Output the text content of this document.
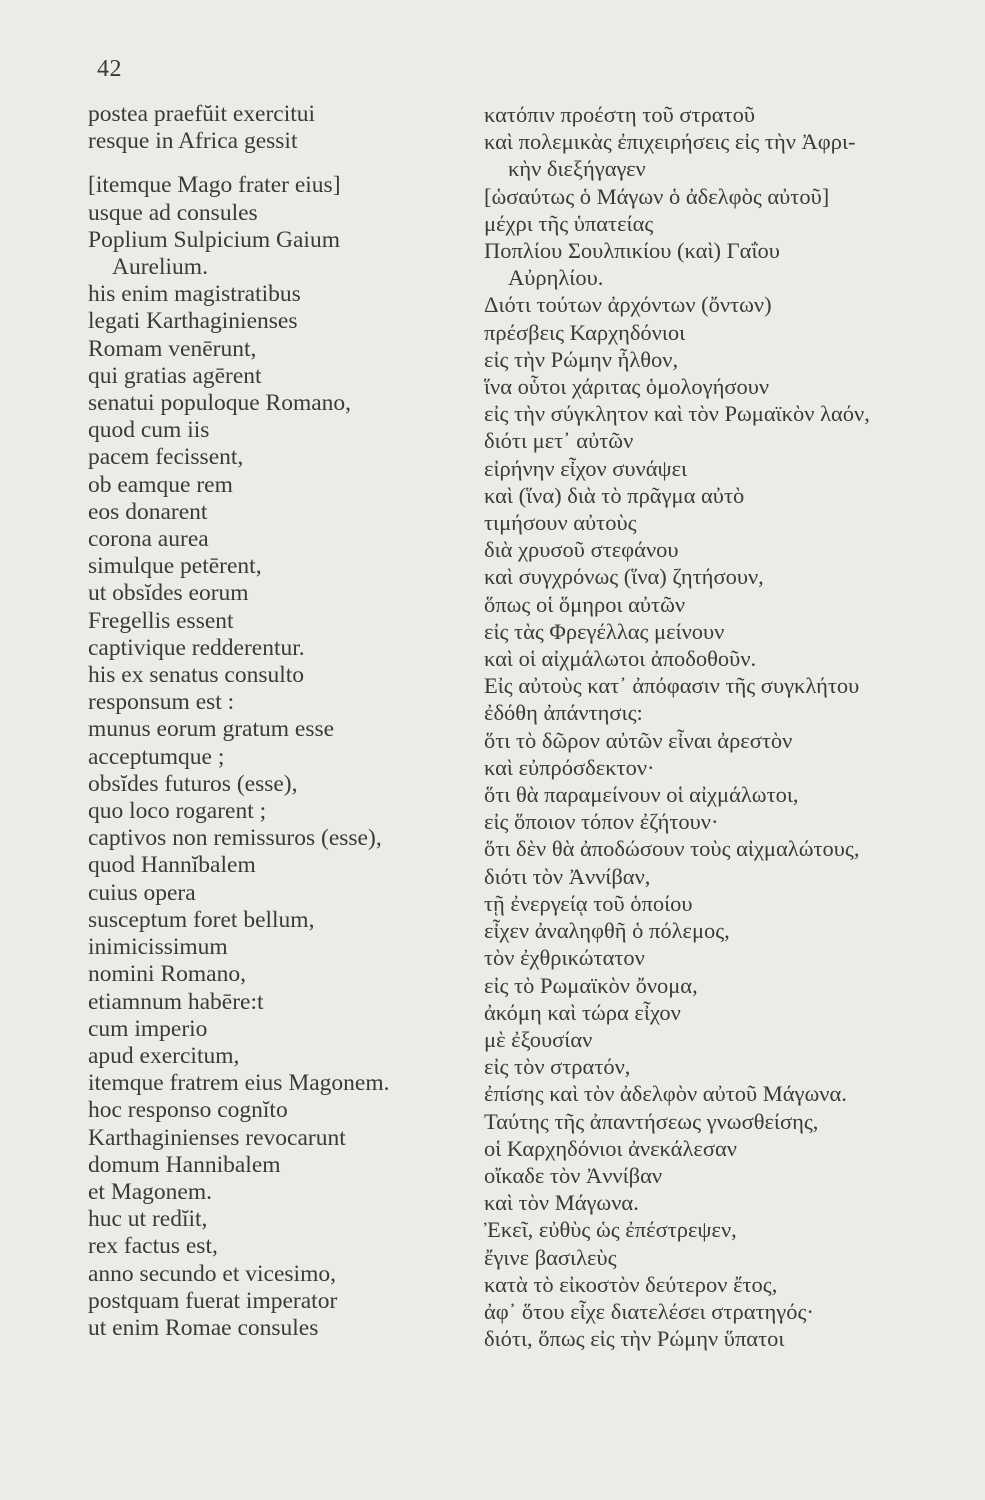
42
postea praefŭit exercitui
resque in Africa gessit
[itemque Mago frater eius]
usque ad consules
Poplium Sulpicium Gaium
Aurelium.
his enim magistratibus
legati Karthaginienses
Romam venērunt,
qui gratias agērent
senatui populoque Romano,
quod cum iis
pacem fecissent,
ob eamque rem
eos donarent
corona aurea
simulque petērent,
ut obsĭdes eorum
Fregellis essent
captivique redderentur.
his ex senatus consulto
responsum est :
munus eorum gratum esse
acceptumque ;
obsĭdes futuros (esse),
quo loco rogarent ;
captivos non remissuros (esse),
quod Hannĭbalem
cuius opera
susceptum foret bellum,
inimicissimum
nomini Romano,
etiamnum habēre:t
cum imperio
apud exercitum,
itemque fratrem eius Magonem.
hoc responso cognĭto
Karthaginienses revocarunt
domum Hannibalem
et Magonem.
huc ut redĭit,
rex factus est,
anno secundo et vicesimo,
postquam fuerat imperator
ut enim Romae consules
κατόπιν προέστη τοῦ στρατοῦ
καὶ πολεμικὰς ἐπιχειρήσεις εἰς τὴν Ἀφρι-
κὴν διεξήγαγεν
[ὡσαύτως ὁ Μάγων ὁ ἀδελφὸς αὐτοῦ]
μέχρι τῆς ὑπατείας
Ποπλίου Σουλπικίου (καὶ) Γαΐου
Αὐρηλίου.
Διότι τούτων ἀρχόντων (ὄντων)
πρέσβεις Καρχηδόνιοι
εἰς τὴν Ρώμην ἦλθον,
ἵνα οὗτοι χάριτας ὁμολογήσουν
εἰς τὴν σύγκλητον καὶ τὸν Ρωμαϊκὸν λαόν,
διότι μετ᾽ αὐτῶν
εἰρήνην εἶχον συνάψει
καὶ (ἵνα) διὰ τὸ πρᾶγμα αὐτὸ
τιμήσουν αὐτοὺς
διὰ χρυσοῦ στεφάνου
καὶ συγχρόνως (ἵνα) ζητήσουν,
ὅπως οἱ ὅμηροι αὐτῶν
εἰς τὰς Φρεγέλλας μείνουν
καὶ οἱ αἰχμάλωτοι ἀποδοθοῦν.
Εἰς αὐτοὺς κατ᾽ ἀπόφασιν τῆς συγκλήτου
ἐδόθη ἀπάντησις:
ὅτι τὸ δῶρον αὐτῶν εἶναι ἀρεστὸν
καὶ εὐπρόσδεκτον·
ὅτι θὰ παραμείνουν οἱ αἰχμάλωτοι,
εἰς ὅποιον τόπον ἐζήτουν·
ὅτι δὲν θὰ ἀποδώσουν τοὺς αἰχμαλώτους,
διότι τὸν Ἀννίβαν,
τῇ ἐνεργείᾳ τοῦ ὁποίου
εἶχεν ἀναληφθῆ ὁ πόλεμος,
τὸν ἐχθρικώτατον
εἰς τὸ Ρωμαϊκὸν ὄνομα,
ἀκόμη καὶ τώρα εἶχον
μὲ ἐξουσίαν
εἰς τὸν στρατόν,
ἐπίσης καὶ τὸν ἀδελφὸν αὐτοῦ Μάγωνα.
Ταύτης τῆς ἀπαντήσεως γνωσθείσης,
οἱ Καρχηδόνιοι ἀνεκάλεσαν
οἴκαδε τὸν Ἀννίβαν
καὶ τὸν Μάγωνα.
Ἐκεῖ, εὐθὺς ὡς ἐπέστρεψεν,
ἔγινε βασιλεὺς
κατὰ τὸ εἰκοστὸν δεύτερον ἔτος,
ἀφ᾽ ὅτου εἶχε διατελέσει στρατηγός·
διότι, ὅπως εἰς τὴν Ρώμην ὕπατοι
